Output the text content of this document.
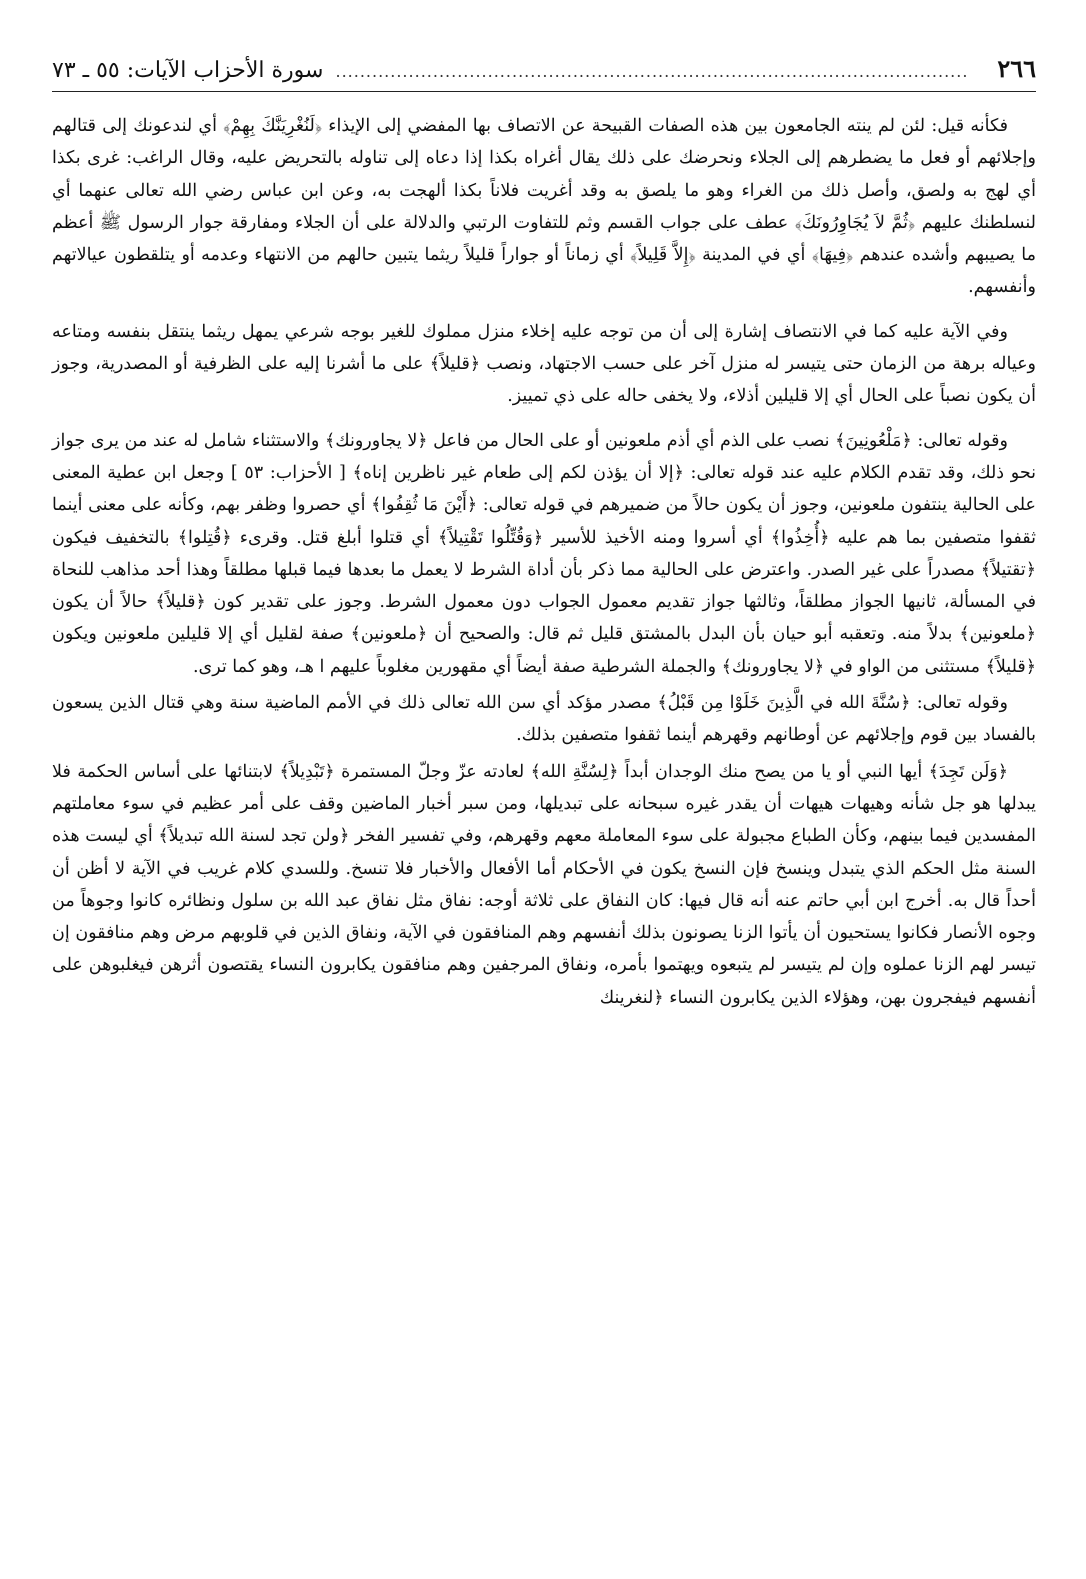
٢٦٦
........................................................................................................
سورة الأحزاب الآيات: ٥٥ ـ ٧٣

فكأنه قيل: لئن لم ينته الجامعون بين هذه الصفات القبيحة عن الاتصاف بها المفضي إلى الإيذاء ﴿لَنُغْرِيَنَّكَ بِهِمْ﴾ أي لندعونك إلى قتالهم وإجلائهم أو فعل ما يضطرهم إلى الجلاء ونحرضك على ذلك يقال أغراه بكذا إذا دعاه إلى تناوله بالتحريض عليه، وقال الراغب: غرى بكذا أي لهج به ولصق، وأصل ذلك من الغراء وهو ما يلصق به وقد أغريت فلاناً بكذا ألهجت به، وعن ابن عباس رضي الله تعالى عنهما أي لنسلطنك عليهم ﴿ثُمَّ لاَ يُجَاوِرُونَكَ﴾ عطف على جواب القسم وثم للتفاوت الرتبي والدلالة على أن الجلاء ومفارقة جوار الرسول ﷺ أعظم ما يصيبهم وأشده عندهم ﴿فِيهَا﴾ أي في المدينة ﴿إِلاَّ قَلِيلاً﴾ أي زماناً أو جواراً قليلاً ريثما يتبين حالهم من الانتهاء وعدمه أو يتلقطون عيالاتهم وأنفسهم.

وفي الآية عليه كما في الانتصاف إشارة إلى أن من توجه عليه إخلاء منزل مملوك للغير بوجه شرعي يمهل ريثما ينتقل بنفسه ومتاعه وعياله برهة من الزمان حتى يتيسر له منزل آخر على حسب الاجتهاد، ونصب ﴿قليلاً﴾ على ما أشرنا إليه على الظرفية أو المصدرية، وجوز أن يكون نصباً على الحال أي إلا قليلين أذلاء، ولا يخفى حاله على ذي تمييز.

وقوله تعالى: ﴿مَلْعُونِينَ﴾ نصب على الذم أي أذم ملعونين أو على الحال من فاعل ﴿لا يجاورونك﴾ والاستثناء شامل له عند من يرى جواز نحو ذلك، وقد تقدم الكلام عليه عند قوله تعالى: ﴿إلا أن يؤذن لكم إلى طعام غير ناظرين إناه﴾ [ الأحزاب: ٥٣ ] وجعل ابن عطية المعنى على الحالية ينتفون ملعونين، وجوز أن يكون حالاً من ضميرهم في قوله تعالى: ﴿أَيْنَ مَا ثُقِفُوا﴾ أي حصروا وظفر بهم، وكأنه على معنى أينما ثقفوا متصفين بما هم عليه ﴿أُخِذُوا﴾ أي أسروا ومنه الأخيذ للأسير ﴿وَقُتِّلُوا تَقْتِيلاً﴾ أي قتلوا أبلغ قتل. وقرىء ﴿قُتِلوا﴾ بالتخفيف فيكون ﴿تقتيلاً﴾ مصدراً على غير الصدر. واعترض على الحالية مما ذكر بأن أداة الشرط لا يعمل ما بعدها فيما قبلها مطلقاً وهذا أحد مذاهب للنحاة في المسألة، ثانيها الجواز مطلقاً، وثالثها جواز تقديم معمول الجواب دون معمول الشرط. وجوز على تقدير كون ﴿قليلاً﴾ حالاً أن يكون ﴿ملعونين﴾ بدلاً منه. وتعقبه أبو حيان بأن البدل بالمشتق قليل ثم قال: والصحيح أن ﴿ملعونين﴾ صفة لقليل أي إلا قليلين ملعونين ويكون ﴿قليلاً﴾ مستثنى من الواو في ﴿لا يجاورونك﴾ والجملة الشرطية صفة أيضاً أي مقهورين مغلوباً عليهم ا هـ، وهو كما ترى.

وقوله تعالى: ﴿سُنَّةَ الله في الَّذِينَ خَلَوْا مِن قَبْلُ﴾ مصدر مؤكد أي سن الله تعالى ذلك في الأمم الماضية سنة وهي قتال الذين يسعون بالفساد بين قوم وإجلائهم عن أوطانهم وقهرهم أينما ثقفوا متصفين بذلك.

﴿وَلَن تَجِدَ﴾ أيها النبي أو يا من يصح منك الوجدان أبداً ﴿لِسُنَّةِ الله﴾ لعادته عزّ وجلّ المستمرة ﴿تَبْدِيلاً﴾ لابتنائها على أساس الحكمة فلا يبدلها هو جل شأنه وهيهات هيهات أن يقدر غيره سبحانه على تبديلها، ومن سبر أخبار الماضين وقف على أمر عظيم في سوء معاملتهم المفسدين فيما بينهم، وكأن الطباع مجبولة على سوء المعاملة معهم وقهرهم، وفي تفسير الفخر ﴿ولن تجد لسنة الله تبديلاً﴾ أي ليست هذه السنة مثل الحكم الذي يتبدل وينسخ فإن النسخ يكون في الأحكام أما الأفعال والأخبار فلا تنسخ. وللسدي كلام غريب في الآية لا أظن أن أحداً قال به. أخرج ابن أبي حاتم عنه أنه قال فيها: كان النفاق على ثلاثة أوجه: نفاق مثل نفاق عبد الله بن سلول ونظائره كانوا وجوهاً من وجوه الأنصار فكانوا يستحيون أن يأتوا الزنا يصونون بذلك أنفسهم وهم المنافقون في الآية، ونفاق الذين في قلوبهم مرض وهم منافقون إن تيسر لهم الزنا عملوه وإن لم يتيسر لم يتبعوه ويهتموا بأمره، ونفاق المرجفين وهم منافقون يكابرون النساء يقتصون أثرهن فيغلبوهن على أنفسهم فيفجرون بهن، وهؤلاء الذين يكابرون النساء ﴿لنغرينك
